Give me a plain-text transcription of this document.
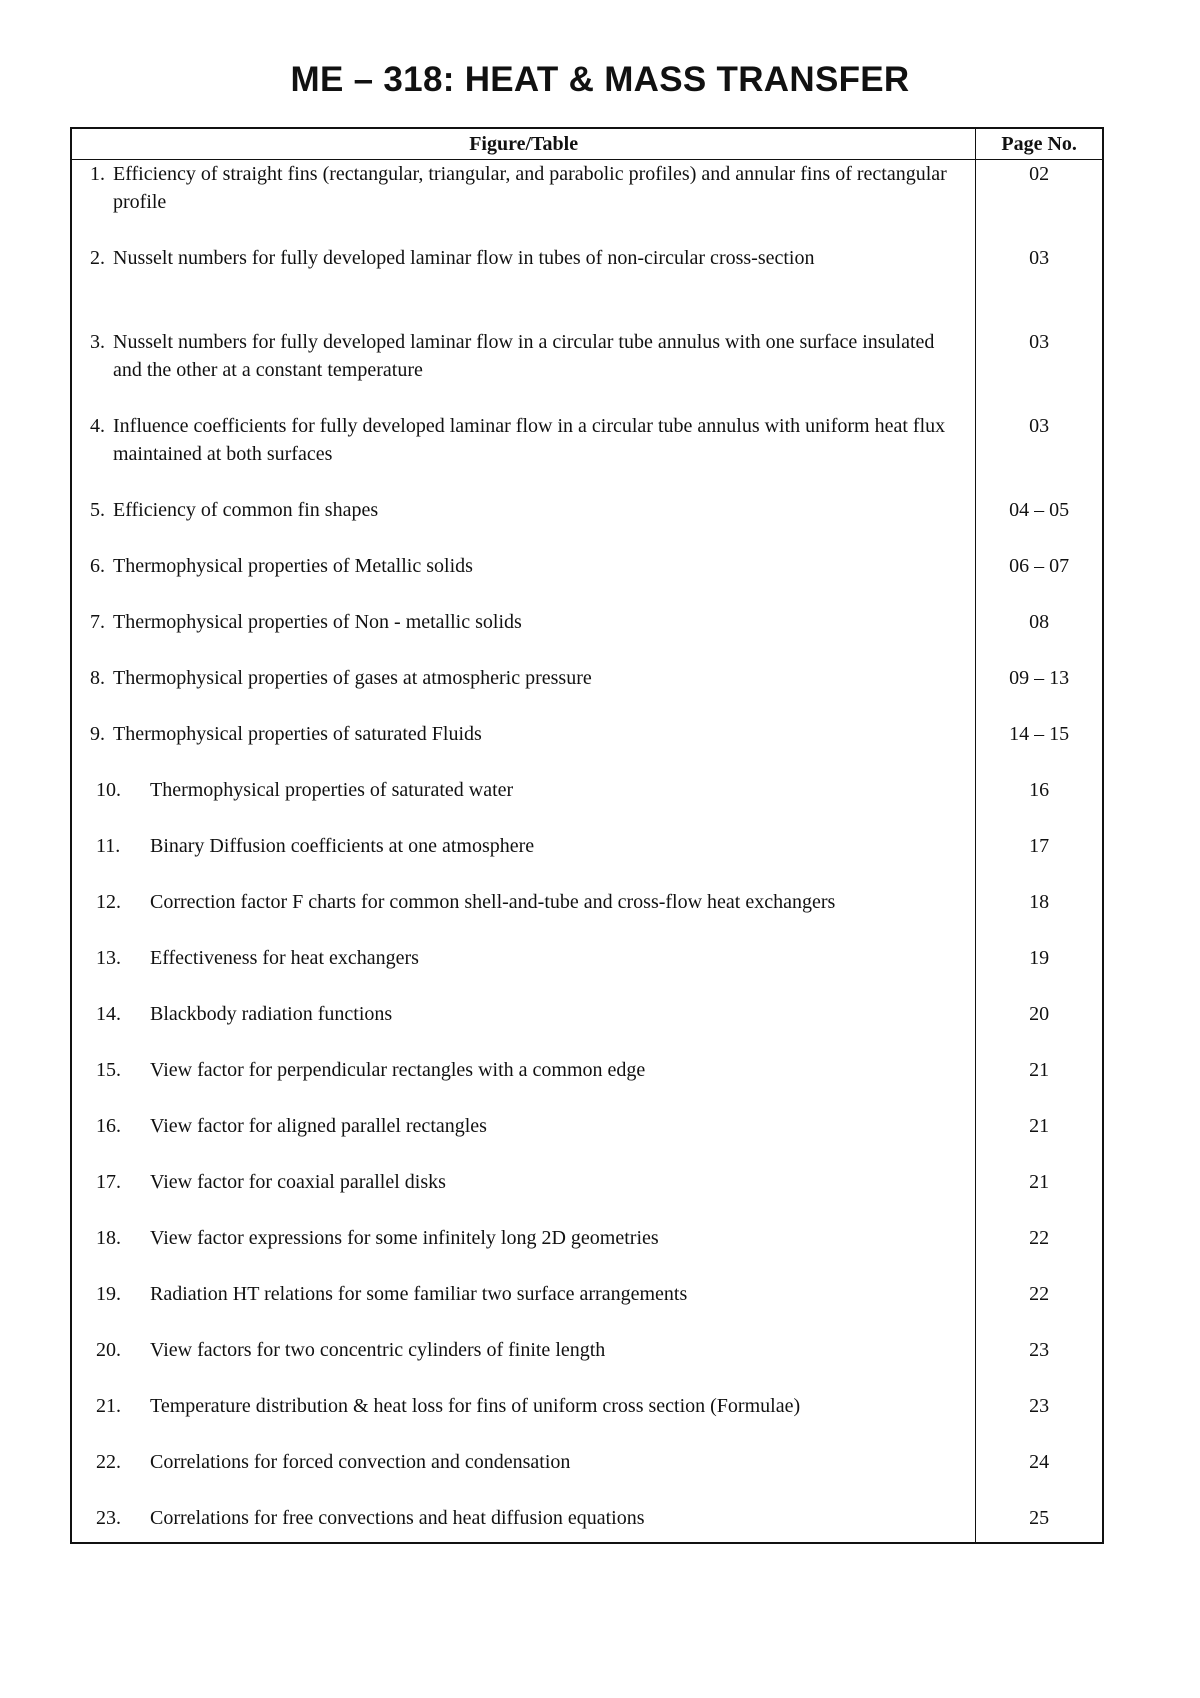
ME – 318: HEAT & MASS TRANSFER
Figure/Table	Page No.

1. Efficiency of straight fins (rectangular, triangular, and parabolic profiles) and annular fins of rectangular profile	02

2. Nusselt numbers for fully developed laminar flow in tubes of non-circular cross-section	03

3. Nusselt numbers for fully developed laminar flow in a circular tube annulus with one surface insulated and the other at a constant temperature	03

4. Influence coefficients for fully developed laminar flow in a circular tube annulus with uniform heat flux maintained at both surfaces	03

5. Efficiency of common fin shapes	04 – 05

6. Thermophysical properties of Metallic solids	06 – 07

7. Thermophysical properties of Non - metallic solids	08

8. Thermophysical properties of gases at atmospheric pressure	09 – 13

9. Thermophysical properties of saturated Fluids	14 – 15

10. Thermophysical properties of saturated water	16

11. Binary Diffusion coefficients at one atmosphere	17

12. Correction factor F charts for common shell-and-tube and cross-flow heat exchangers	18

13. Effectiveness for heat exchangers	19

14. Blackbody radiation functions	20

15. View factor for perpendicular rectangles with a common edge	21

16. View factor for aligned parallel rectangles	21

17. View factor for coaxial parallel disks	21

18. View factor expressions for some infinitely long 2D geometries	22

19. Radiation HT relations for some familiar two surface arrangements	22

20. View factors for two concentric cylinders of finite length	23

21. Temperature distribution & heat loss for fins of uniform cross section (Formulae)	23

22. Correlations for forced convection and condensation	24

23. Correlations for free convections and heat diffusion equations	25
